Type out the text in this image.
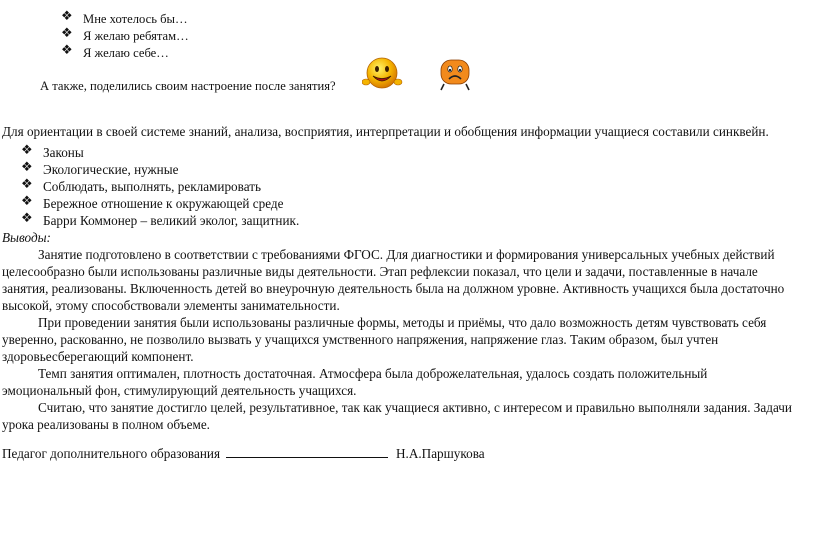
❖
Мне хотелось бы…
❖
Я желаю ребятам…
❖
Я желаю себе…
А также, поделились своим настроение после занятия?
Для ориентации в своей системе знаний, анализа, восприятия, интерпретации и обобщения информации учащиеся составили синквейн.
❖
Законы
❖
Экологические, нужные
❖
Соблюдать, выполнять, рекламировать
❖
Бережное отношение к окружающей среде
❖
Барри Коммонер – великий эколог, защитник.
Выводы:
Занятие подготовлено в соответствии с требованиями ФГОС. Для диагностики и формирования универсальных учебных действий
целесообразно были использованы различные виды деятельности. Этап рефлексии показал, что цели и задачи, поставленные в начале
занятия, реализованы. Включенность детей во внеурочную деятельность была на должном уровне. Активность учащихся была достаточно
высокой, этому способствовали элементы занимательности.
При проведении занятия были использованы различные формы, методы и приёмы, что дало возможность детям чувствовать себя
уверенно, раскованно, не позволило вызвать у учащихся умственного напряжения, напряжение глаз. Таким образом, был учтен
здоровьесберегающий компонент.
Темп занятия оптимален, плотность достаточная. Атмосфера была доброжелательная, удалось создать положительный
эмоциональный фон, стимулирующий деятельность учащихся.
Считаю, что занятие достигло целей, результативное, так как учащиеся активно, с интересом и правильно выполняли задания. Задачи
урока реализованы в полном объеме.
Педагог дополнительного образования	Н.А.Паршукова
